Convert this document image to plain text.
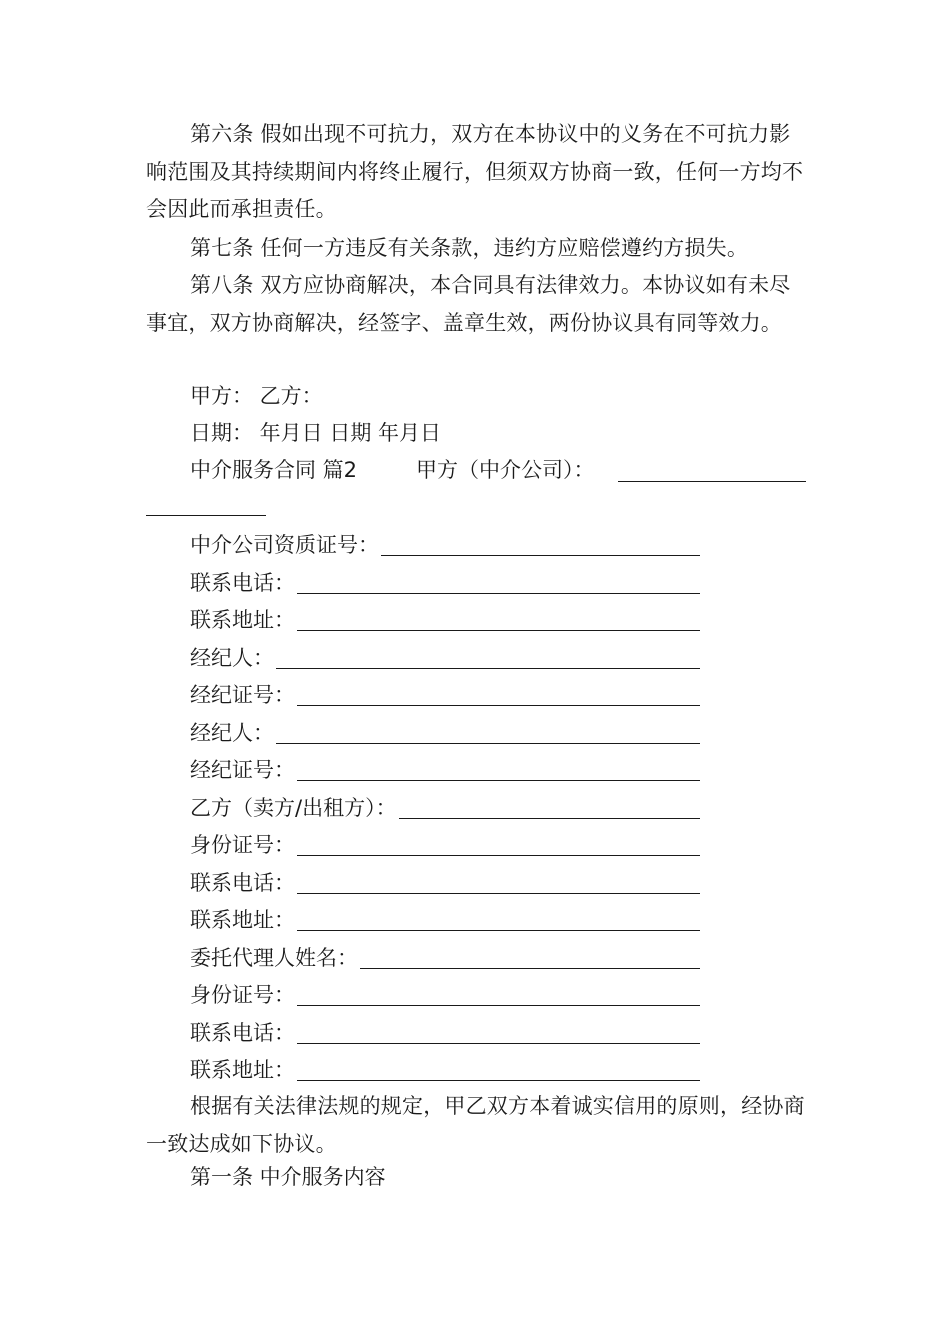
第六条 假如出现不可抗力，双方在本协议中的义务在不可抗力影响范围及其持续期间内将终止履行，但须双方协商一致，任何一方均不会因此而承担责任。

第七条 任何一方违反有关条款，违约方应赔偿遵约方损失。

第八条 双方应协商解决，本合同具有法律效力。本协议如有未尽事宜，双方协商解决，经签字、盖章生效，两份协议具有同等效力。

甲方： 乙方：

日期： 年月日 日期 年月日

中介服务合同 篇2	甲方（中介公司）：

中介公司资质证号：

联系电话：

联系地址：

经纪人：

经纪证号：

经纪人：

经纪证号：

乙方（卖方/出租方）：

身份证号：

联系电话：

联系地址：

委托代理人姓名：

身份证号：

联系电话：

联系地址：

根据有关法律法规的规定，甲乙双方本着诚实信用的原则，经协商一致达成如下协议。

第一条 中介服务内容
